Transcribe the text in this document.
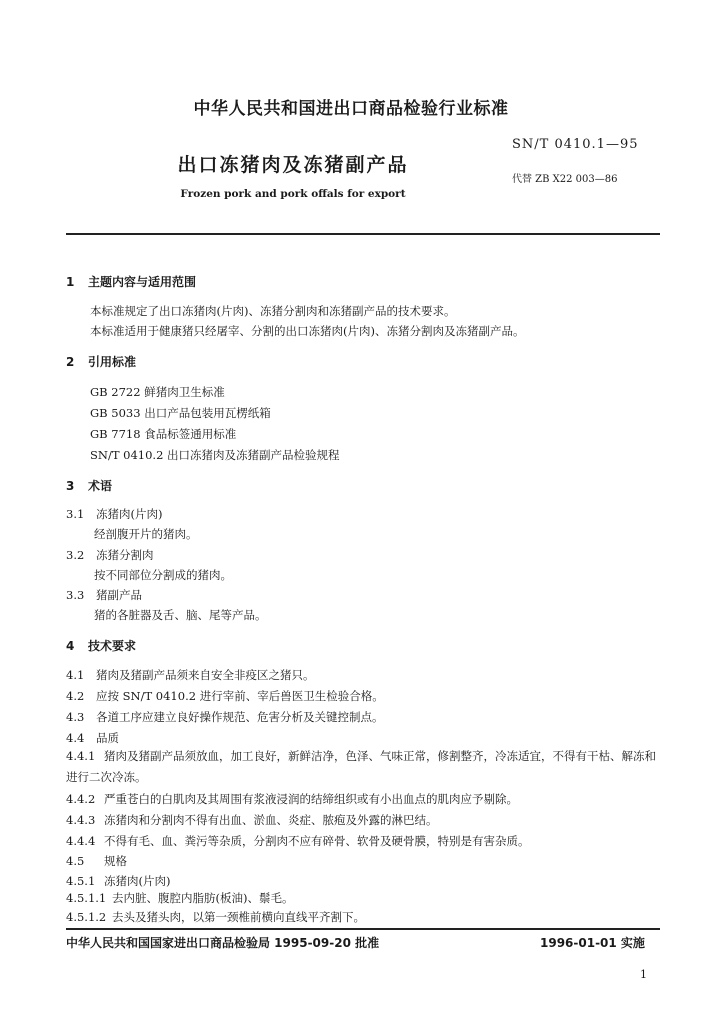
中华人民共和国进出口商品检验行业标准
SN/T 0410.1—95
出口冻猪肉及冻猪副产品
代替 ZB X22 003—86
Frozen pork and pork offals for export
1 主题内容与适用范围
本标准规定了出口冻猪肉(片肉)、冻猪分割肉和冻猪副产品的技术要求。
本标准适用于健康猪只经屠宰、分割的出口冻猪肉(片肉)、冻猪分割肉及冻猪副产品。
2 引用标准
GB 2722 鲜猪肉卫生标准
GB 5033 出口产品包装用瓦楞纸箱
GB 7718 食品标签通用标准
SN/T 0410.2 出口冻猪肉及冻猪副产品检验规程
3 术语
3.1 冻猪肉(片肉)
经剖腹开片的猪肉。
3.2 冻猪分割肉
按不同部位分割成的猪肉。
3.3 猪副产品
猪的各脏器及舌、脑、尾等产品。
4 技术要求
4.1 猪肉及猪副产品须来自安全非疫区之猪只。
4.2 应按 SN/T 0410.2 进行宰前、宰后兽医卫生检验合格。
4.3 各道工序应建立良好操作规范、危害分析及关键控制点。
4.4 品质
4.4.1 猪肉及猪副产品须放血，加工良好，新鲜洁净，色泽、气味正常，修割整齐，冷冻适宜，不得有干枯、解冻和进行二次冷冻。
4.4.2 严重苍白的白肌肉及其周围有浆液浸润的结缔组织或有小出血点的肌肉应予剔除。
4.4.3 冻猪肉和分割肉不得有出血、淤血、炎症、脓疱及外露的淋巴结。
4.4.4 不得有毛、血、粪污等杂质，分割肉不应有碎骨、软骨及硬骨膜，特别是有害杂质。
4.5 规格
4.5.1 冻猪肉(片肉)
4.5.1.1 去内脏、腹腔内脂肪(板油)、鬃毛。
中华人民共和国国家进出口商品检验局 1995-09-20 批准	1996-01-01 实施
1
4.5.1.2 去头及猪头肉，以第一颈椎前横向直线平齐割下。
